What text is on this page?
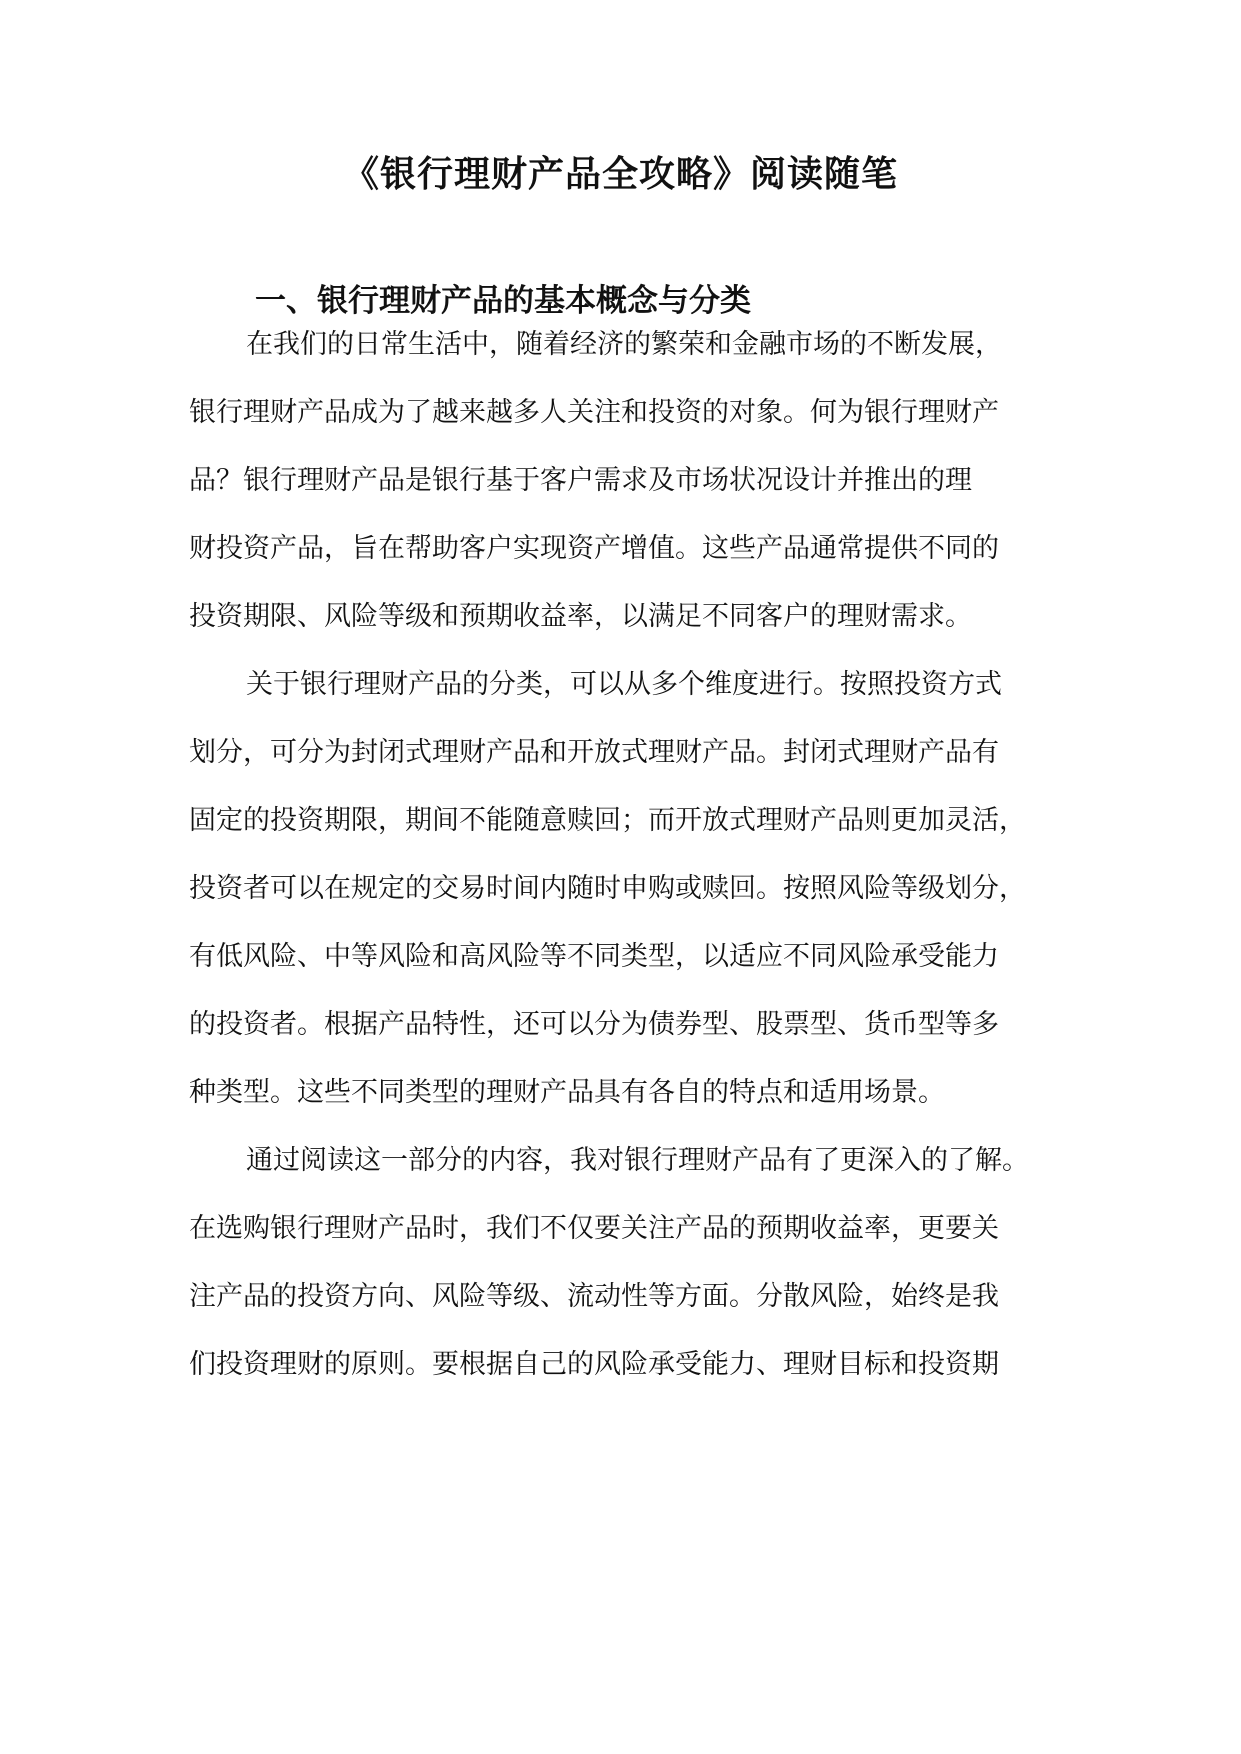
《银行理财产品全攻略》阅读随笔
一、银行理财产品的基本概念与分类
在我们的日常生活中，随着经济的繁荣和金融市场的不断发展，
银行理财产品成为了越来越多人关注和投资的对象。何为银行理财产
品？银行理财产品是银行基于客户需求及市场状况设计并推出的理
财投资产品，旨在帮助客户实现资产增值。这些产品通常提供不同的
投资期限、风险等级和预期收益率，以满足不同客户的理财需求。
关于银行理财产品的分类，可以从多个维度进行。按照投资方式
划分，可分为封闭式理财产品和开放式理财产品。封闭式理财产品有
固定的投资期限，期间不能随意赎回；而开放式理财产品则更加灵活，
投资者可以在规定的交易时间内随时申购或赎回。按照风险等级划分，
有低风险、中等风险和高风险等不同类型，以适应不同风险承受能力
的投资者。根据产品特性，还可以分为债券型、股票型、货币型等多
种类型。这些不同类型的理财产品具有各自的特点和适用场景。
通过阅读这一部分的内容，我对银行理财产品有了更深入的了解。
在选购银行理财产品时，我们不仅要关注产品的预期收益率，更要关
注产品的投资方向、风险等级、流动性等方面。分散风险，始终是我
们投资理财的原则。要根据自己的风险承受能力、理财目标和投资期
